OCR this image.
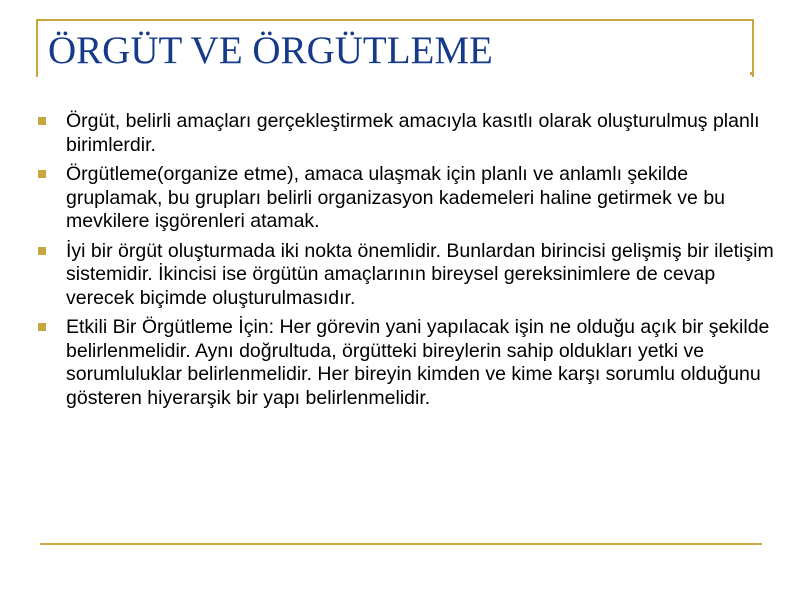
ÖRGÜT VE ÖRGÜTLEME
Örgüt, belirli amaçları gerçekleştirmek amacıyla kasıtlı olarak oluşturulmuş planlı birimlerdir.
Örgütleme(organize etme), amaca ulaşmak için planlı ve anlamlı şekilde gruplamak, bu grupları belirli organizasyon kademeleri haline getirmek ve bu mevkilere işgörenleri atamak.
İyi bir örgüt oluşturmada iki nokta önemlidir. Bunlardan birincisi gelişmiş bir iletişim sistemidir. İkincisi ise örgütün amaçlarının bireysel gereksinimlere de cevap verecek biçimde oluşturulmasıdır.
Etkili Bir Örgütleme İçin: Her görevin yani yapılacak işin ne olduğu açık bir şekilde belirlenmelidir. Aynı doğrultuda, örgütteki bireylerin sahip oldukları yetki ve sorumluluklar belirlenmelidir. Her bireyin kimden ve kime karşı sorumlu olduğunu gösteren hiyerarşik bir yapı belirlenmelidir.
